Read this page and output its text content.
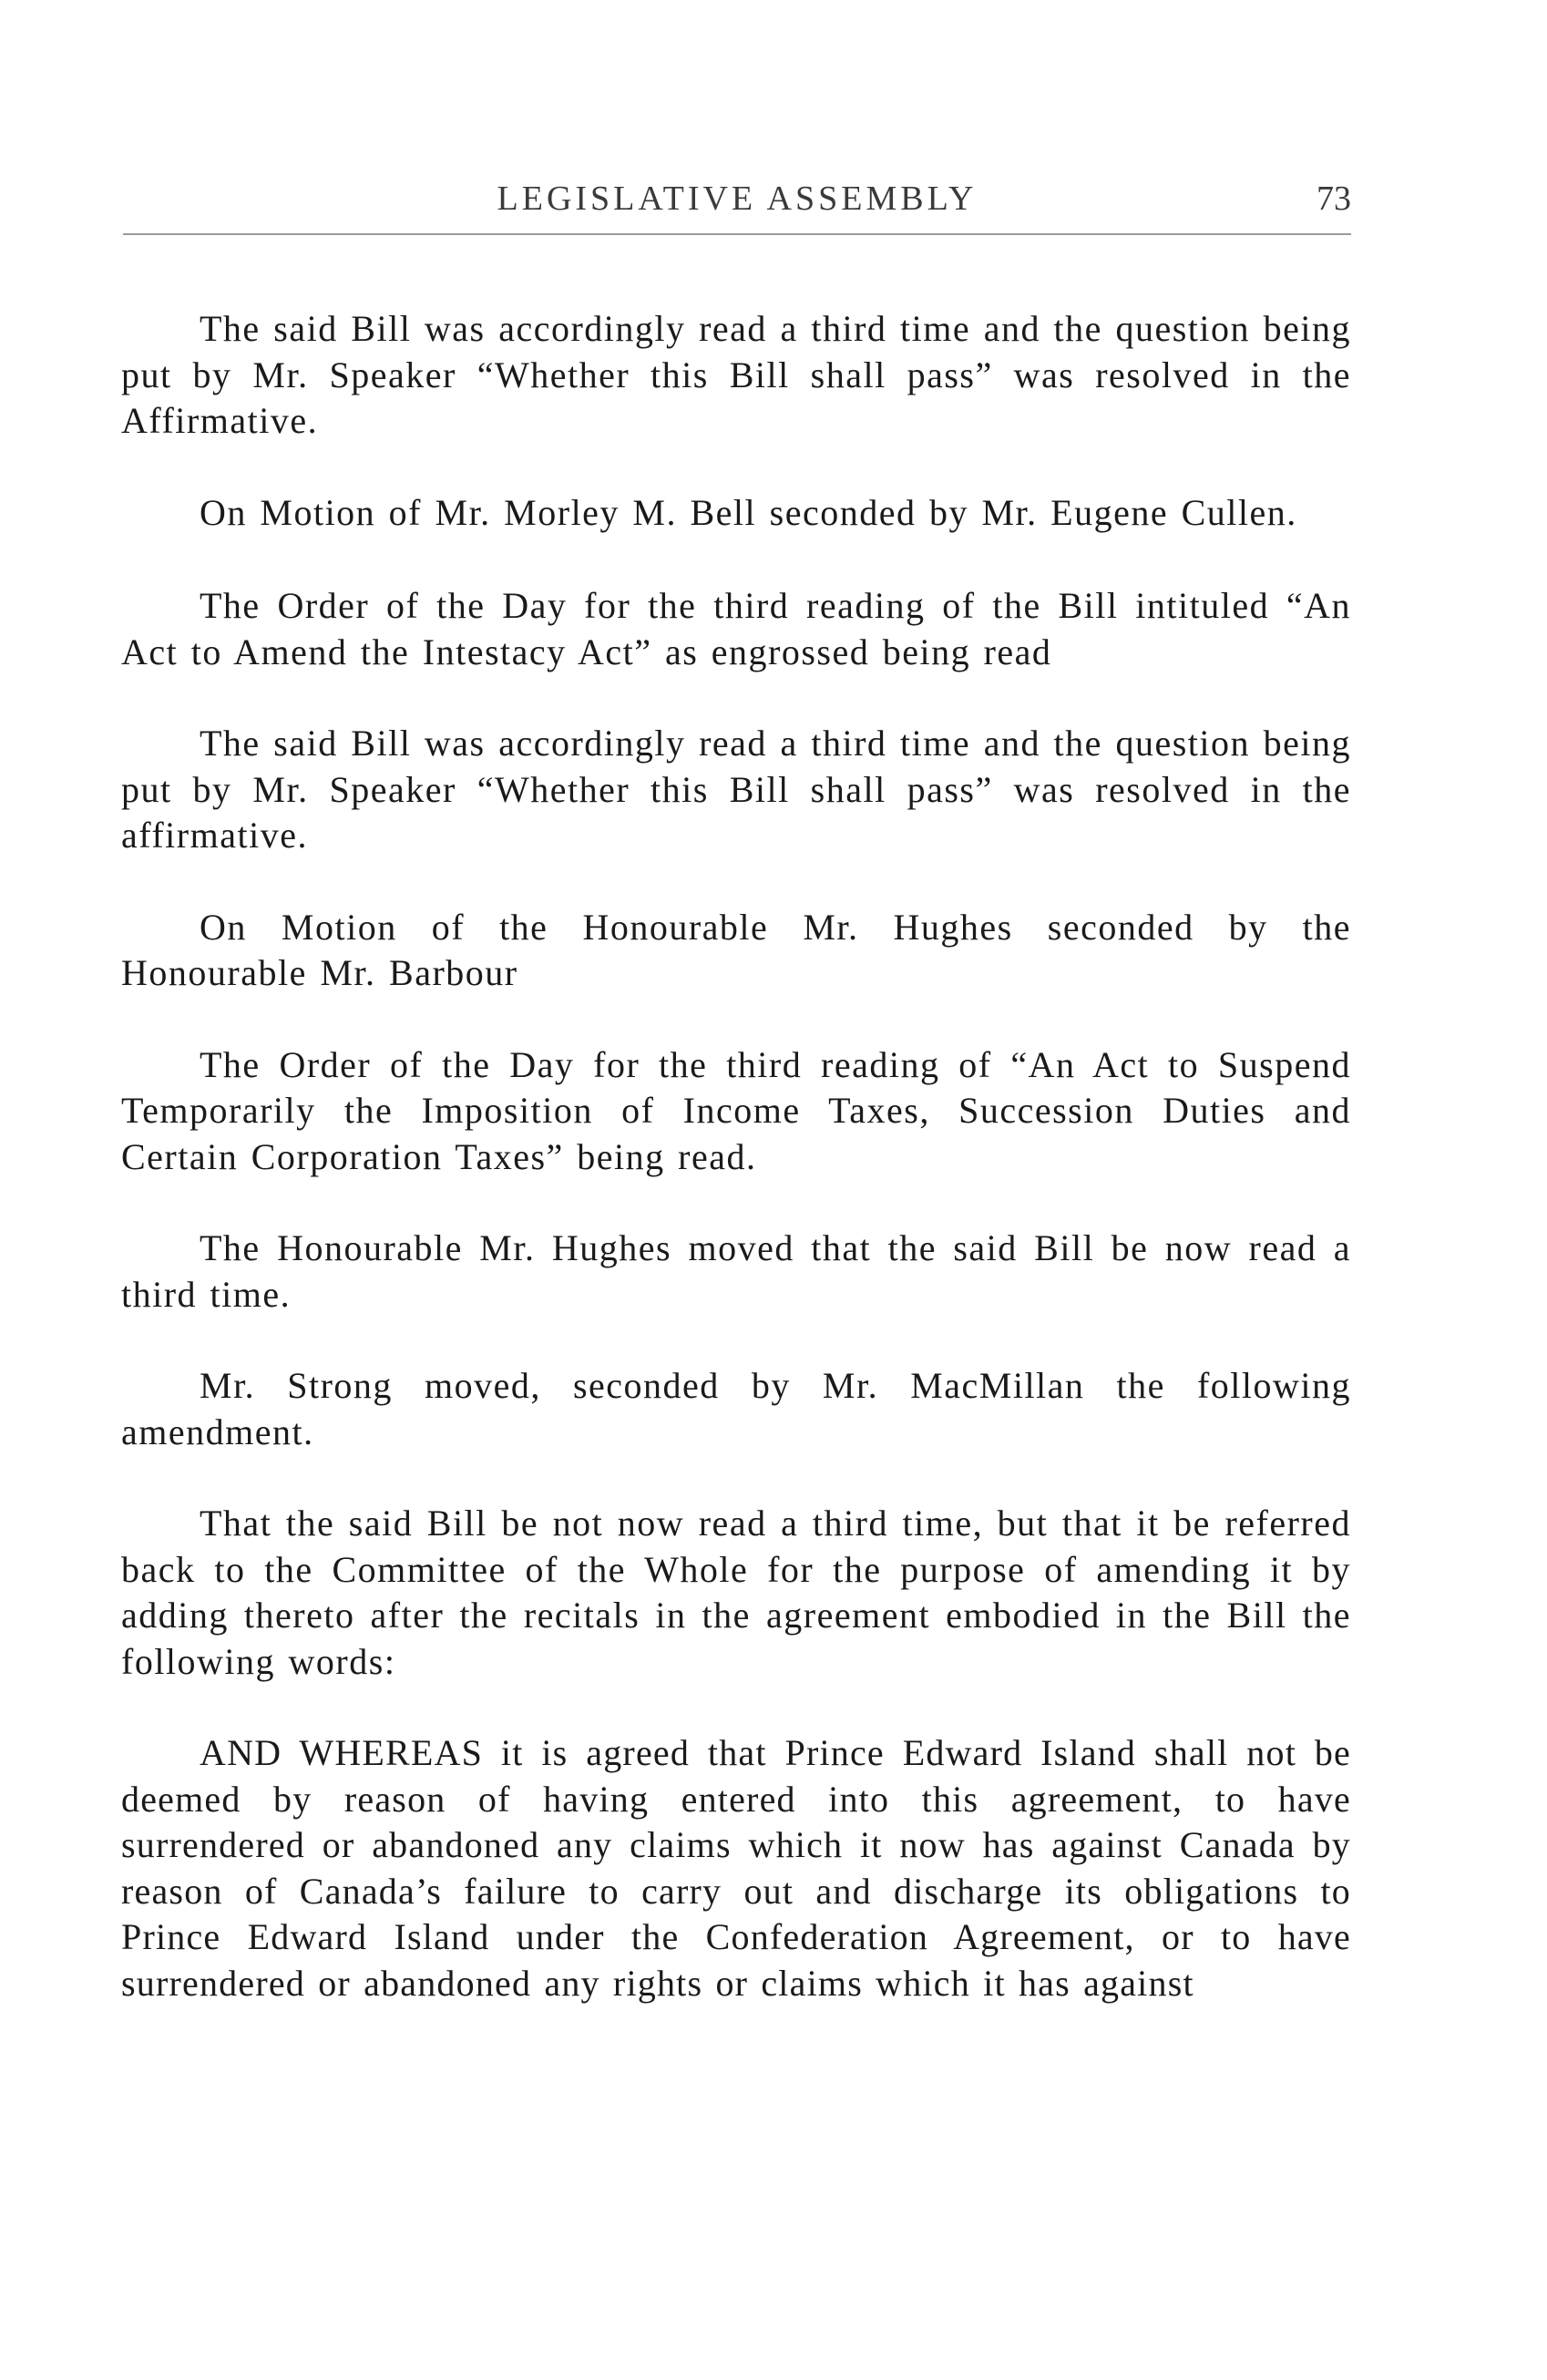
LEGISLATIVE ASSEMBLY	73

The said Bill was accordingly read a third time and the question being put by Mr. Speaker “Whether this Bill shall pass” was resolved in the Affirmative.

On Motion of Mr. Morley M. Bell seconded by Mr. Eugene Cullen.

The Order of the Day for the third reading of the Bill intituled “An Act to Amend the Intestacy Act” as engrossed being read

The said Bill was accordingly read a third time and the question being put by Mr. Speaker “Whether this Bill shall pass” was resolved in the affirmative.

On Motion of the Honourable Mr. Hughes seconded by the Honourable Mr. Barbour

The Order of the Day for the third reading of “An Act to Suspend Temporarily the Imposition of Income Taxes, Succession Duties and Certain Corporation Taxes” being read.

The Honourable Mr. Hughes moved that the said Bill be now read a third time.

Mr. Strong moved, seconded by Mr. MacMillan the following amendment.

That the said Bill be not now read a third time, but that it be referred back to the Committee of the Whole for the purpose of amending it by adding thereto after the recitals in the agreement embodied in the Bill the following words:

AND WHEREAS it is agreed that Prince Edward Island shall not be deemed by reason of having entered into this agreement, to have surrendered or abandoned any claims which it now has against Canada by reason of Canada’s failure to carry out and discharge its obligations to Prince Edward Island under the Confederation Agreement, or to have surrendered or abandoned any rights or claims which it has against
